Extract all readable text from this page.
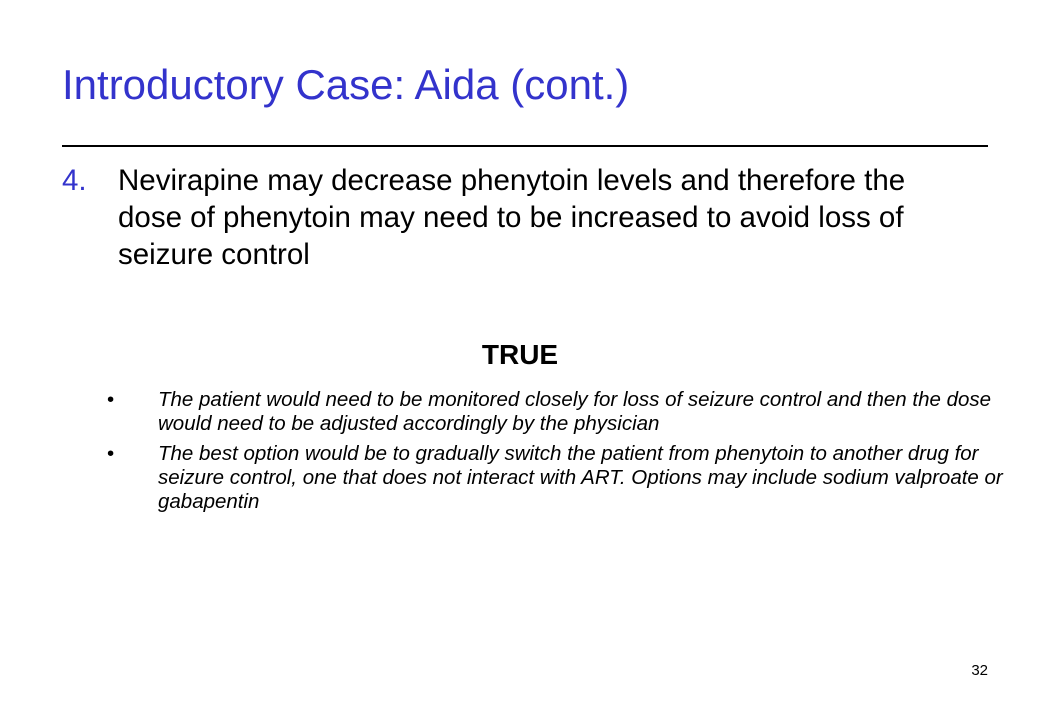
Introductory Case: Aida (cont.)
4. Nevirapine may decrease phenytoin levels and therefore the dose of phenytoin may need to be increased to avoid loss of seizure control
TRUE
• The patient would need to be monitored closely for loss of seizure control and then the dose would need to be adjusted accordingly by the physician
• The best option would be to gradually switch the patient from phenytoin to another drug for seizure control, one that does not interact with ART. Options may include sodium valproate or gabapentin
32
